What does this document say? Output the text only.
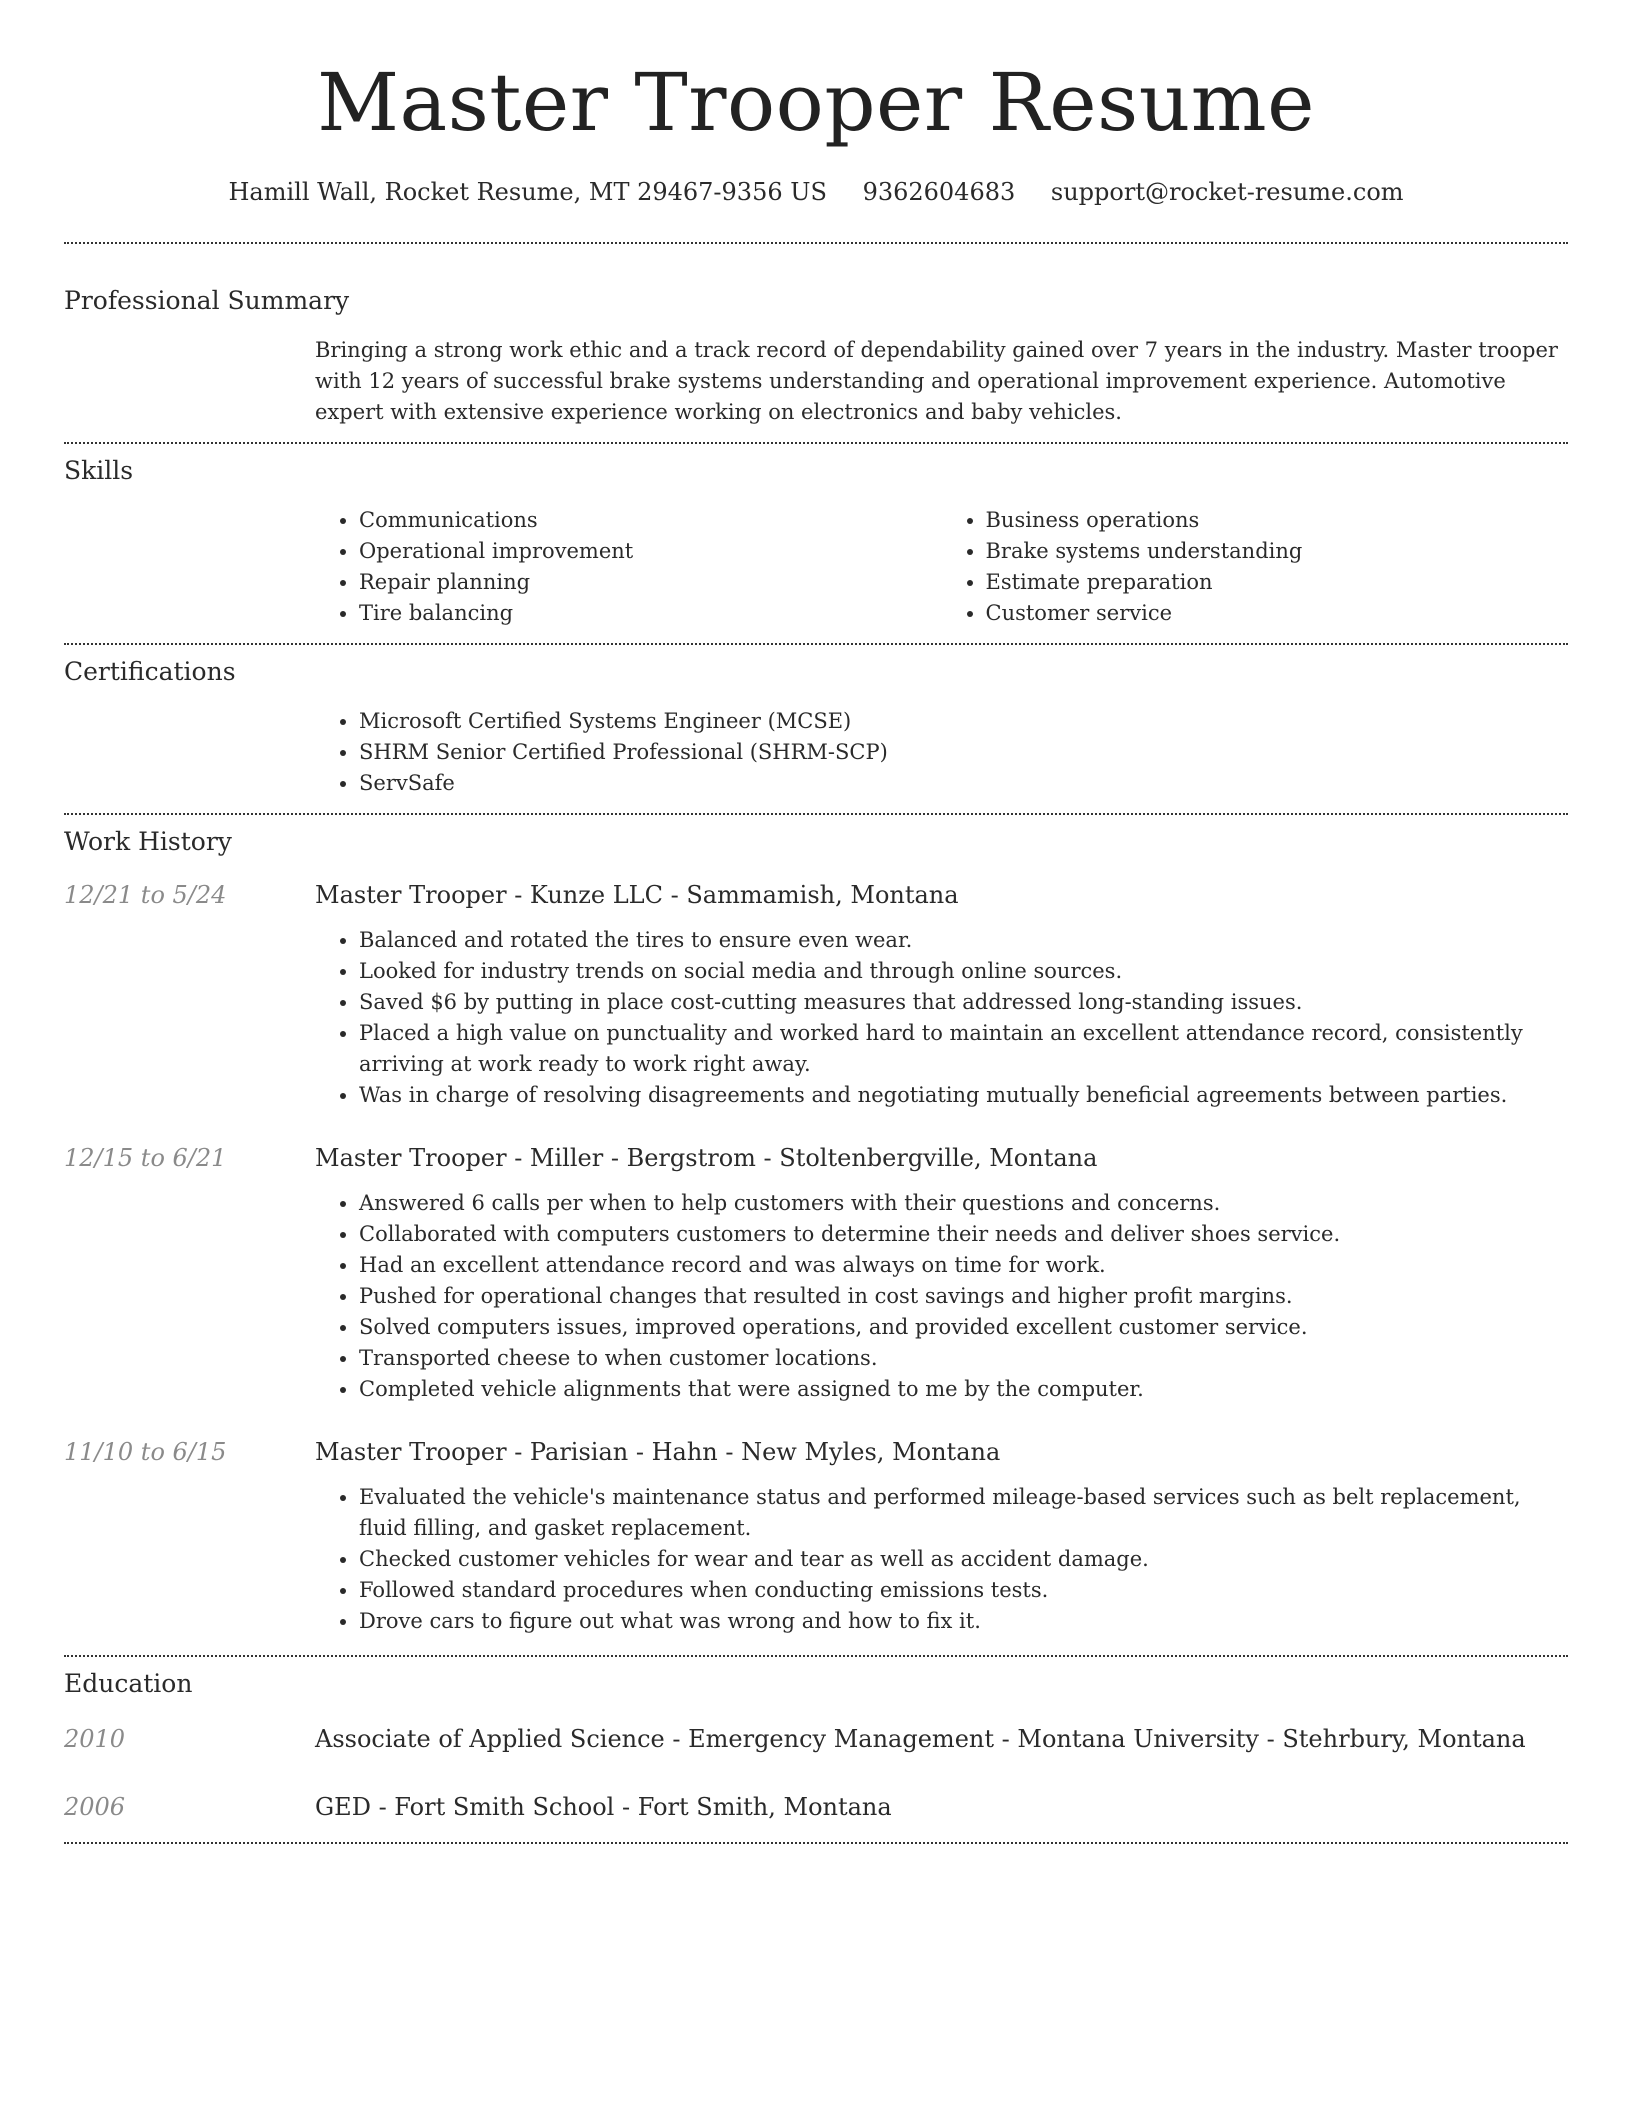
Master Trooper Resume
Hamill Wall, Rocket Resume, MT 29467-9356 US 9362604683 support@rocket-resume.com
Professional Summary
Bringing a strong work ethic and a track record of dependability gained over 7 years in the industry. Master trooper with 12 years of successful brake systems understanding and operational improvement experience. Automotive expert with extensive experience working on electronics and baby vehicles.
Skills
• Communications
• Operational improvement
• Repair planning
• Tire balancing
• Business operations
• Brake systems understanding
• Estimate preparation
• Customer service
Certifications
• Microsoft Certified Systems Engineer (MCSE)
• SHRM Senior Certified Professional (SHRM-SCP)
• ServSafe
Work History
12/21 to 5/24	Master Trooper - Kunze LLC - Sammamish, Montana
• Balanced and rotated the tires to ensure even wear.
• Looked for industry trends on social media and through online sources.
• Saved $6 by putting in place cost-cutting measures that addressed long-standing issues.
• Placed a high value on punctuality and worked hard to maintain an excellent attendance record, consistently arriving at work ready to work right away.
• Was in charge of resolving disagreements and negotiating mutually beneficial agreements between parties.
12/15 to 6/21	Master Trooper - Miller - Bergstrom - Stoltenbergville, Montana
• Answered 6 calls per when to help customers with their questions and concerns.
• Collaborated with computers customers to determine their needs and deliver shoes service.
• Had an excellent attendance record and was always on time for work.
• Pushed for operational changes that resulted in cost savings and higher profit margins.
• Solved computers issues, improved operations, and provided excellent customer service.
• Transported cheese to when customer locations.
• Completed vehicle alignments that were assigned to me by the computer.
11/10 to 6/15	Master Trooper - Parisian - Hahn - New Myles, Montana
• Evaluated the vehicle's maintenance status and performed mileage-based services such as belt replacement, fluid filling, and gasket replacement.
• Checked customer vehicles for wear and tear as well as accident damage.
• Followed standard procedures when conducting emissions tests.
• Drove cars to figure out what was wrong and how to fix it.
Education
2010	Associate of Applied Science - Emergency Management - Montana University - Stehrbury, Montana
2006	GED - Fort Smith School - Fort Smith, Montana
